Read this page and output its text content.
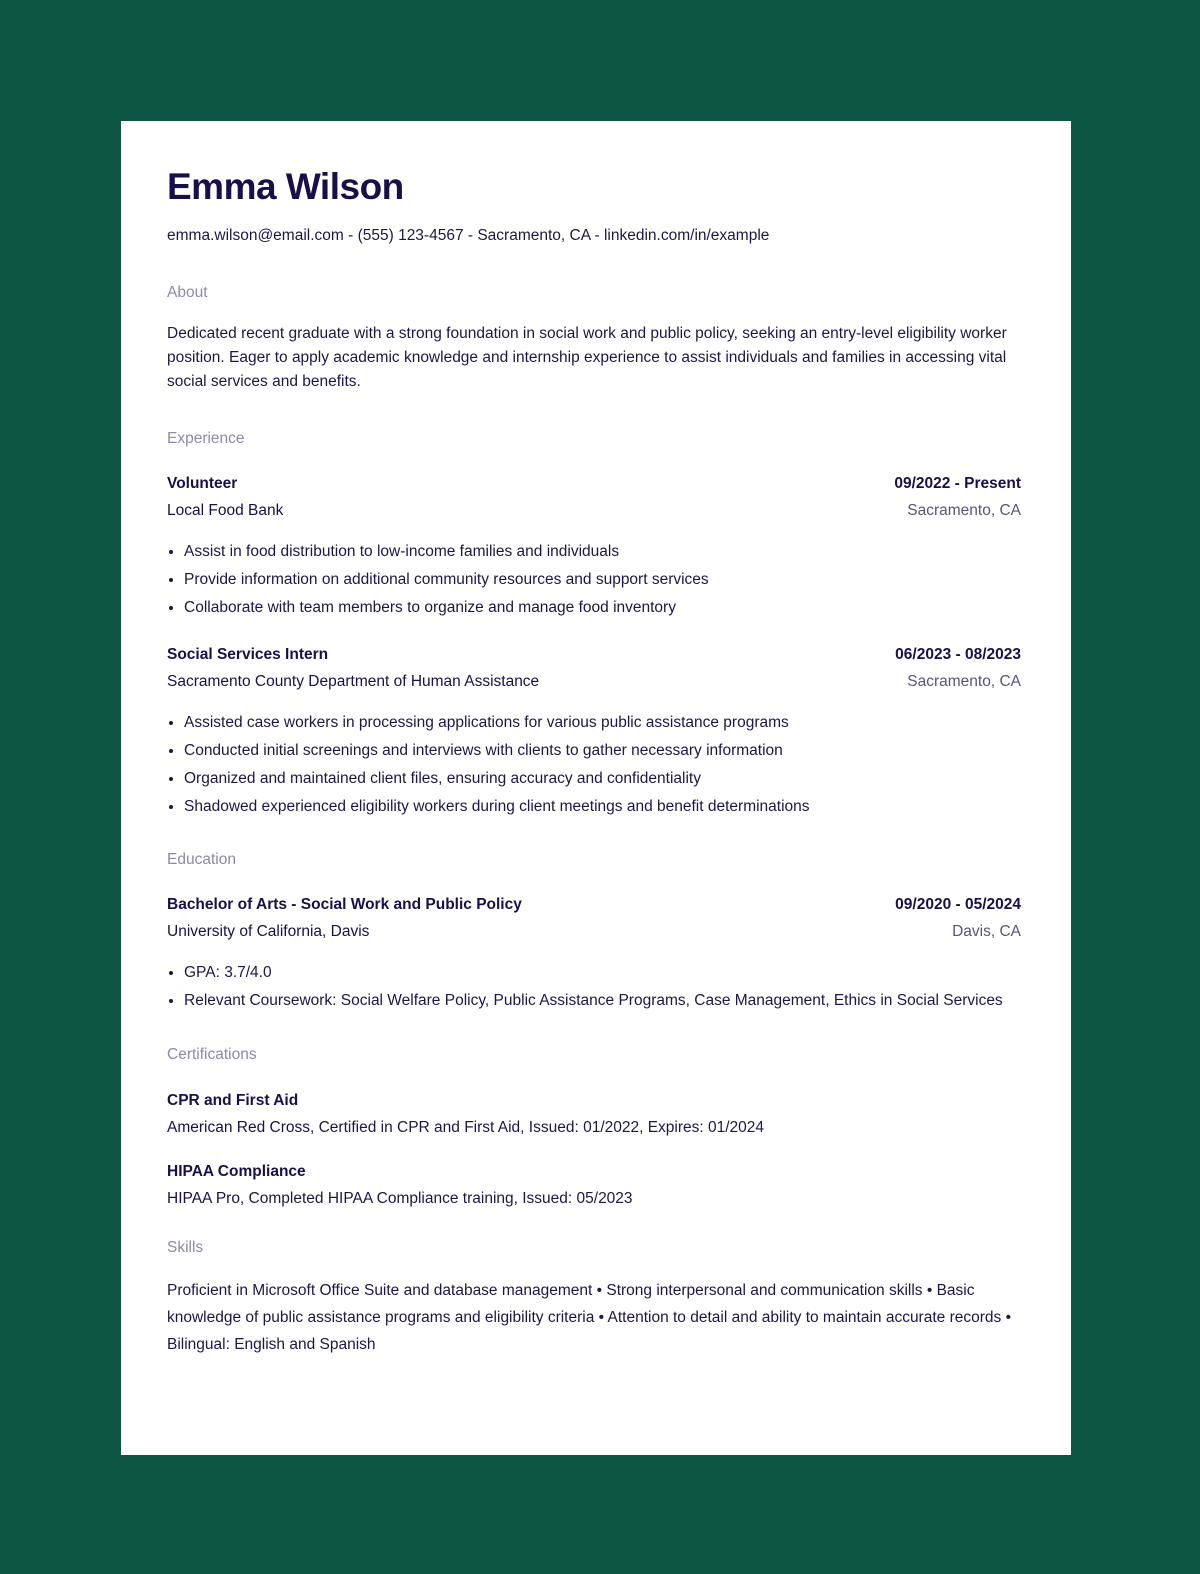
Emma Wilson
emma.wilson@email.com - (555) 123-4567 - Sacramento, CA - linkedin.com/in/example
About
Dedicated recent graduate with a strong foundation in social work and public policy, seeking an entry-level eligibility worker position. Eager to apply academic knowledge and internship experience to assist individuals and families in accessing vital social services and benefits.
Experience
Volunteer	09/2022 - Present
Local Food Bank	Sacramento, CA
• Assist in food distribution to low-income families and individuals
• Provide information on additional community resources and support services
• Collaborate with team members to organize and manage food inventory
Social Services Intern	06/2023 - 08/2023
Sacramento County Department of Human Assistance	Sacramento, CA
• Assisted case workers in processing applications for various public assistance programs
• Conducted initial screenings and interviews with clients to gather necessary information
• Organized and maintained client files, ensuring accuracy and confidentiality
• Shadowed experienced eligibility workers during client meetings and benefit determinations
Education
Bachelor of Arts - Social Work and Public Policy	09/2020 - 05/2024
University of California, Davis	Davis, CA
• GPA: 3.7/4.0
• Relevant Coursework: Social Welfare Policy, Public Assistance Programs, Case Management, Ethics in Social Services
Certifications
CPR and First Aid
American Red Cross, Certified in CPR and First Aid, Issued: 01/2022, Expires: 01/2024
HIPAA Compliance
HIPAA Pro, Completed HIPAA Compliance training, Issued: 05/2023
Skills
Proficient in Microsoft Office Suite and database management • Strong interpersonal and communication skills • Basic knowledge of public assistance programs and eligibility criteria • Attention to detail and ability to maintain accurate records • Bilingual: English and Spanish
